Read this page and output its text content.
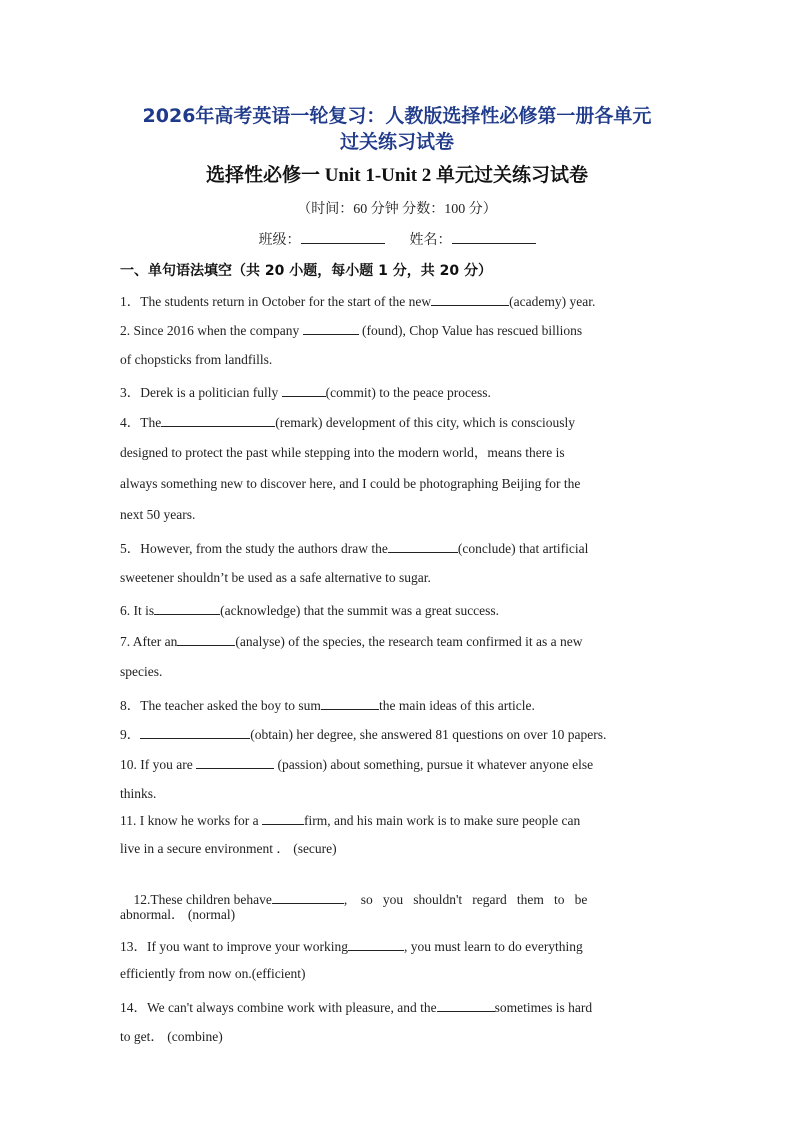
2026年高考英语一轮复习：人教版选择性必修第一册各单元
过关练习试卷
选择性必修一 Unit 1-Unit 2 单元过关练习试卷
（时间：60 分钟 分数：100 分）
班级：	姓名：
一、单句语法填空（共 20 小题，每小题 1 分，共 20 分）
1．The students return in October for the start of the new	(academy) year.
2. Since 2016 when the company	(found), Chop Value has rescued billions
of chopsticks from landfills.
3．Derek is a politician fully	(commit) to the peace process.
4．The	(remark) development of this city, which is consciously
designed to protect the past while stepping into the modern world，means there is
always something new to discover here, and I could be photographing Beijing for the
next 50 years.
5．However, from the study the authors draw the	(conclude) that artificial
sweetener shouldn’t be used as a safe alternative to sugar.
6. It is	(acknowledge) that the summit was a great success.
7. After an	(analyse) of the species, the research team confirmed it as a new
species.
8．The teacher asked the boy to sum	the main ideas of this article.
9．	(obtain) her degree, she answered 81 questions on over 10 papers.
10. If you are	(passion) about something, pursue it whatever anyone else
thinks.
11. I know he works for a	firm, and his main work is to make sure people can
live in a secure environment ． (secure)

12.These children behave	,    so   you   shouldn't   regard   them   to   be

abnormal． (normal)
13．If you want to improve your working	, you must learn to do everything
efficiently from now on.(efficient)
14．We can't always combine work with pleasure, and the	sometimes is hard
to get． (combine)
